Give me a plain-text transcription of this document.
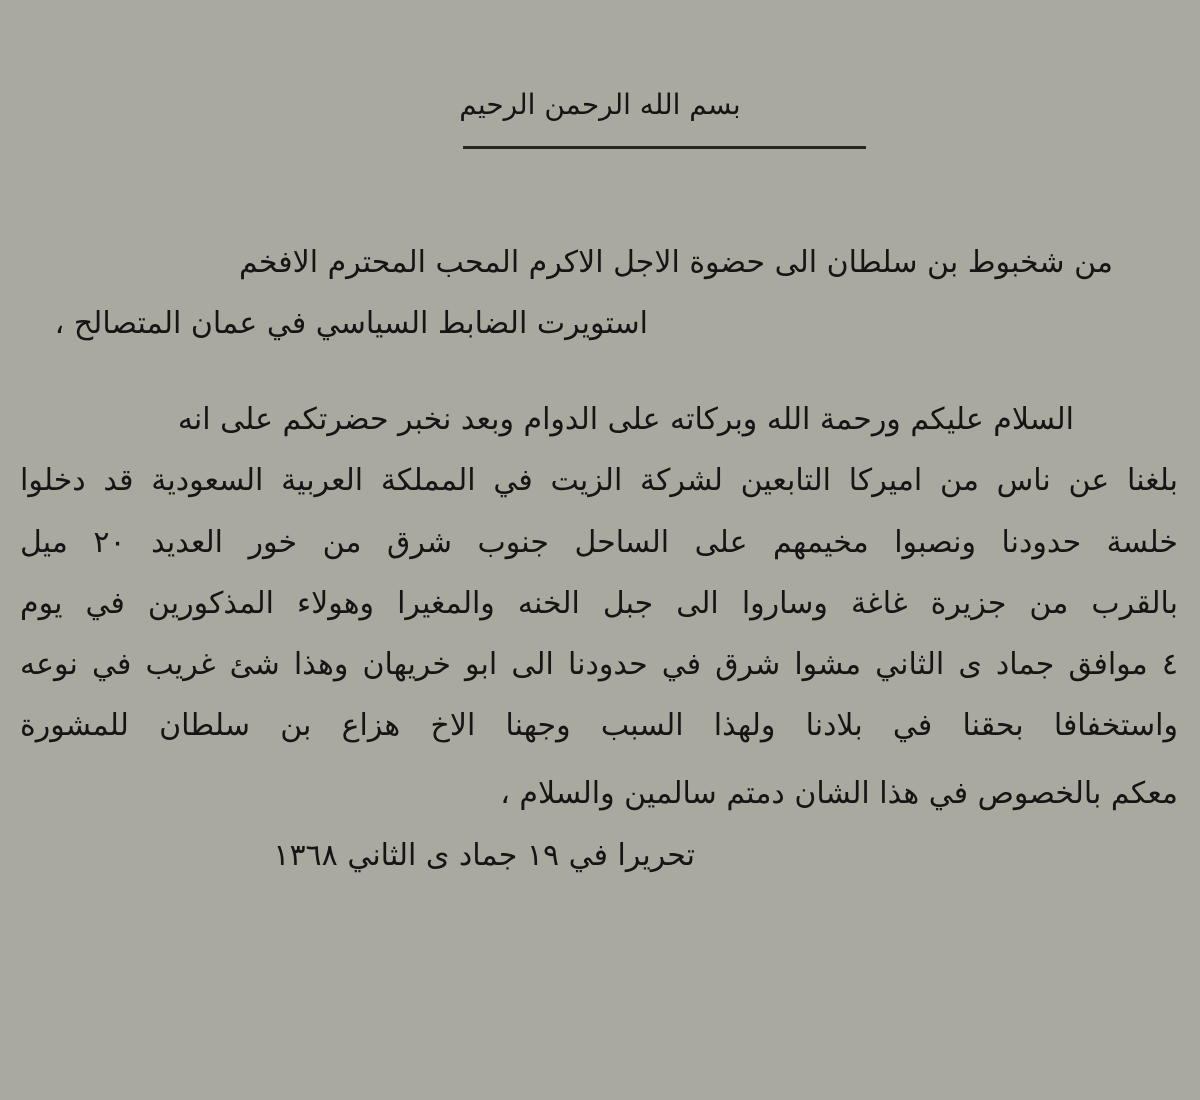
بسم الله الرحمن الرحيم
من شخبوط بن سلطان الى حضوة الاجل الاكرم المحب المحترم الافخم
استويرت الضابط السياسي في عمان المتصالح ،
السلام عليكم ورحمة الله وبركاته على الدوام وبعد نخبر حضرتكم على انه
بلغنا عن ناس من اميركا التابعين لشركة الزيت في المملكة العربية السعودية قد دخلوا
خلسة حدودنا ونصبوا مخيمهم على الساحل جنوب شرق من خور العديد ٢٠ ميل
بالقرب من جزيرة غاغة وساروا الى جبل الخنه والمغيرا وهولاء المذكورين في يوم
٤ موافق جماد ى الثاني مشوا شرق في حدودنا الى ابو خريهان وهذا شئ غريب في نوعه
واستخفافا بحقنا في بلادنا ولهذا السبب وجهنا الاخ هزاع بن سلطان للمشورة
معكم بالخصوص في هذا الشان دمتم سالمين والسلام ،
تحريرا في ١٩ جماد ى الثاني ١٣٦٨
